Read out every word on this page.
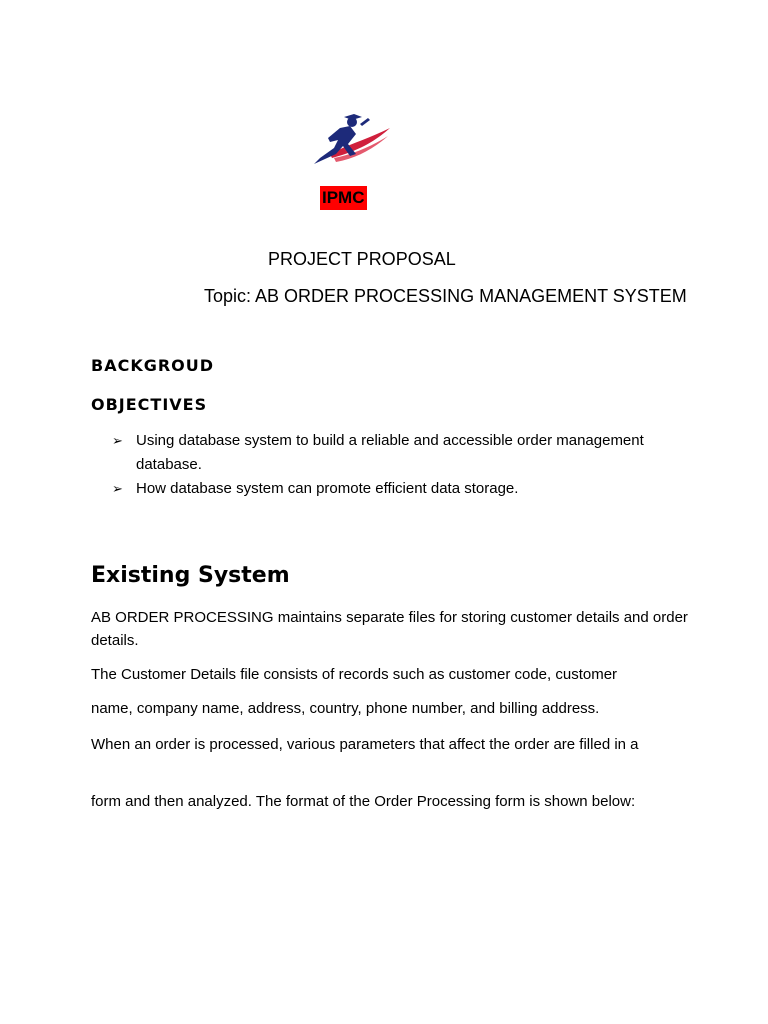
IPMC
PROJECT PROPOSAL
Topic: AB ORDER PROCESSING MANAGEMENT SYSTEM
BACKGROUD
OBJECTIVES
➢ Using database system to build a reliable and accessible order management database.
➢ How database system can promote efficient data storage.
Existing System

AB ORDER PROCESSING maintains separate files for storing customer details and order details.

The Customer Details file consists of records such as customer code, customer

name, company name, address, country, phone number, and billing address.

When an order is processed, various parameters that affect the order are filled in a

form and then analyzed. The format of the Order Processing form is shown below:
